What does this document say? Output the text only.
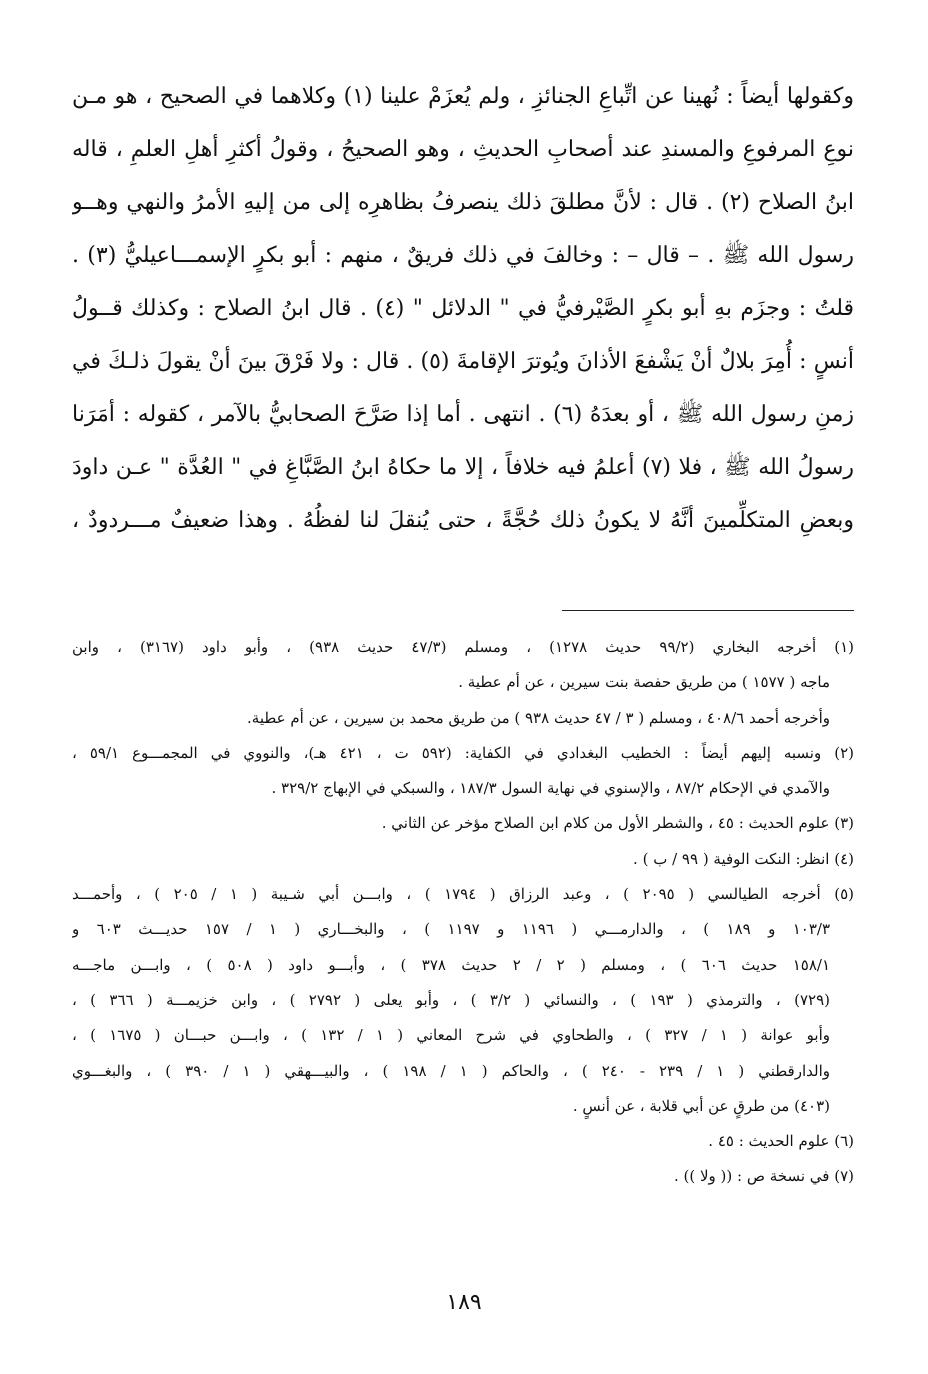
وكقولها أيضاً : نُهينا عن اتِّباعِ الجنائزِ ، ولم يُعزَمْ علينا (١) وكلاهما في الصحيح ، هو مـن
نوعِ المرفوعِ والمسندِ عند أصحابِ الحديثِ ، وهو الصحيحُ ، وقولُ أكثرِ أهلِ العلمِ ، قاله
ابنُ الصلاح (٢) . قال : لأنَّ مطلقَ ذلك ينصرفُ بظاهرِه إلى من إليهِ الأمرُ والنهي وهــو
رسول الله ﷺ . – قال – : وخالفَ في ذلك فريقٌ ، منهم : أبو بكرٍ الإسمـــاعيليُّ (٣) .
قلتُ : وجزَم بهِ أبو بكرٍ الصَّيْرفيُّ في " الدلائل " (٤) . قال ابنُ الصلاح : وكذلك قــولُ
أنسٍ : أُمِرَ بلالٌ أنْ يَشْفعَ الأذانَ ويُوترَ الإقامةَ (٥) . قال : ولا فَرْقَ بينَ أنْ يقولَ ذلـكَ في
زمنِ رسول الله ﷺ ، أو بعدَهُ (٦) . انتهى . أما إذا صَرَّحَ الصحابيُّ بالآمر ، كقوله : أمَرَنا
رسولُ الله ﷺ ، فلا (٧) أعلمُ فيه خلافاً ، إلا ما حكاهُ ابنُ الصَّبَّاغِ في " العُدَّة " عـن داودَ
وبعضِ المتكلِّمينَ أنَّهُ لا يكونُ ذلك حُجَّةً ، حتى يُنقلَ لنا لفظُهُ . وهذا ضعيفٌ مـــردودٌ ،
(١) أخرجه البخاري (٩٩/٢ حديث ١٢٧٨) ، ومسلم (٤٧/٣ حديث ٩٣٨) ، وأبو داود (٣١٦٧) ، وابن
ماجه ( ١٥٧٧ ) من طريق حفصة بنت سيرين ، عن أم عطية .
وأخرجه أحمد ٤٠٨/٦ ، ومسلم ( ٣ / ٤٧ حديث ٩٣٨ ) من طريق محمد بن سيرين ، عن أم عطية.
(٢) ونسبه إليهم أيضاً : الخطيب البغدادي في الكفاية: (٥٩٢ ت ، ٤٢١ هـ)، والنووي في المجمـــوع ٥٩/١ ،
والآمدي في الإحكام ٨٧/٢ ، والإسنوي في نهاية السول ١٨٧/٣ ، والسبكي في الإبهاج ٣٢٩/٢ .
(٣) علوم الحديث : ٤٥ ، والشطر الأول من كلام ابن الصلاح مؤخر عن الثاني .
(٤) انظر: النكت الوفية ( ٩٩ / ب ) .
(٥) أخرجه الطيالسي ( ٢٠٩٥ ) ، وعبد الرزاق ( ١٧٩٤ ) ، وابـــن أبي شـيبة ( ١ / ٢٠٥ ) ، وأحمـــد
١٠٣/٣ و ١٨٩ ) ، والدارمـــي ( ١١٩٦ و ١١٩٧ ) ، والبخـــاري ( ١ / ١٥٧ حديـــث ٦٠٣ و
١٥٨/١ حديث ٦٠٦ ) ، ومسلم ( ٢ / ٢ حديث ٣٧٨ ) ، وأبـــو داود ( ٥٠٨ ) ، وابـــن ماجـــه
(٧٢٩) ، والترمذي ( ١٩٣ ) ، والنسائي ( ٣/٢ ) ، وأبو يعلى ( ٢٧٩٢ ) ، وابن خزيمـــة ( ٣٦٦ ) ،
وأبو عوانة ( ١ / ٣٢٧ ) ، والطحاوي في شرح المعاني ( ١ / ١٣٢ ) ، وابـــن حبـــان ( ١٦٧٥ ) ،
والدارقطني ( ١ / ٢٣٩ - ٢٤٠ ) ، والحاكم ( ١ / ١٩٨ ) ، والبيـــهقي ( ١ / ٣٩٠ ) ، والبغـــوي
(٤٠٣) من طرقٍ عن أبي قلابة ، عن أنسٍ .
(٦) علوم الحديث : ٤٥ .
(٧) في نسخة ص : (( ولا )) .
١٨٩
